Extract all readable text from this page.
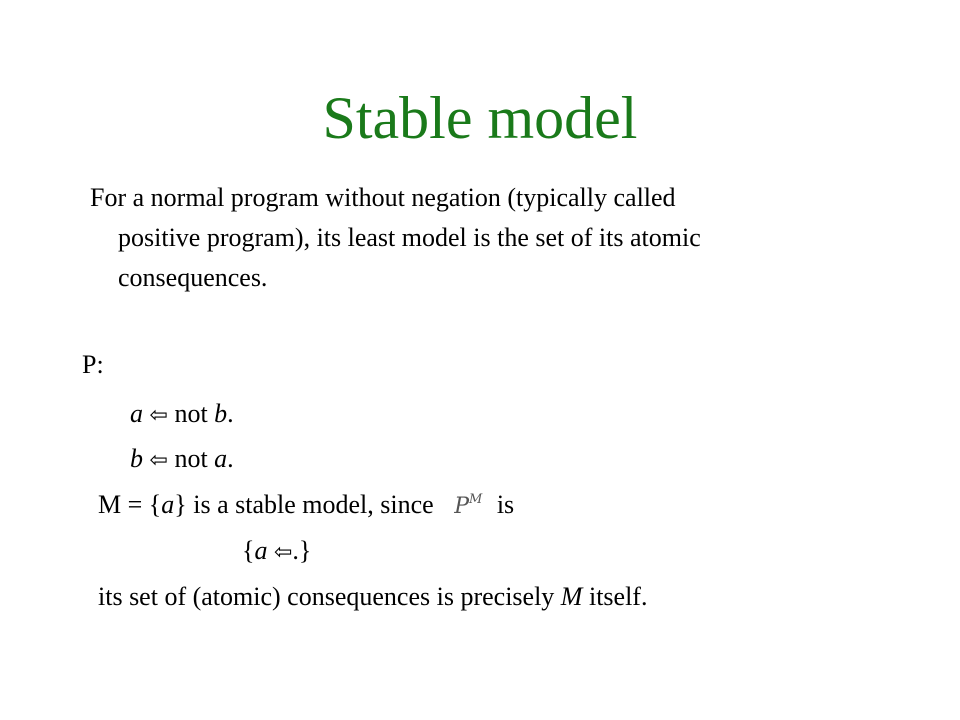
Stable model
For a normal program without negation (typically called
positive program), its least model is the set of its atomic
consequences.
P:
a ⇦ not b.
b ⇦ not a.
M = {a} is a stable model, since $P^M$ is
{a ⇦.}
its set of (atomic) consequences is precisely M itself.
